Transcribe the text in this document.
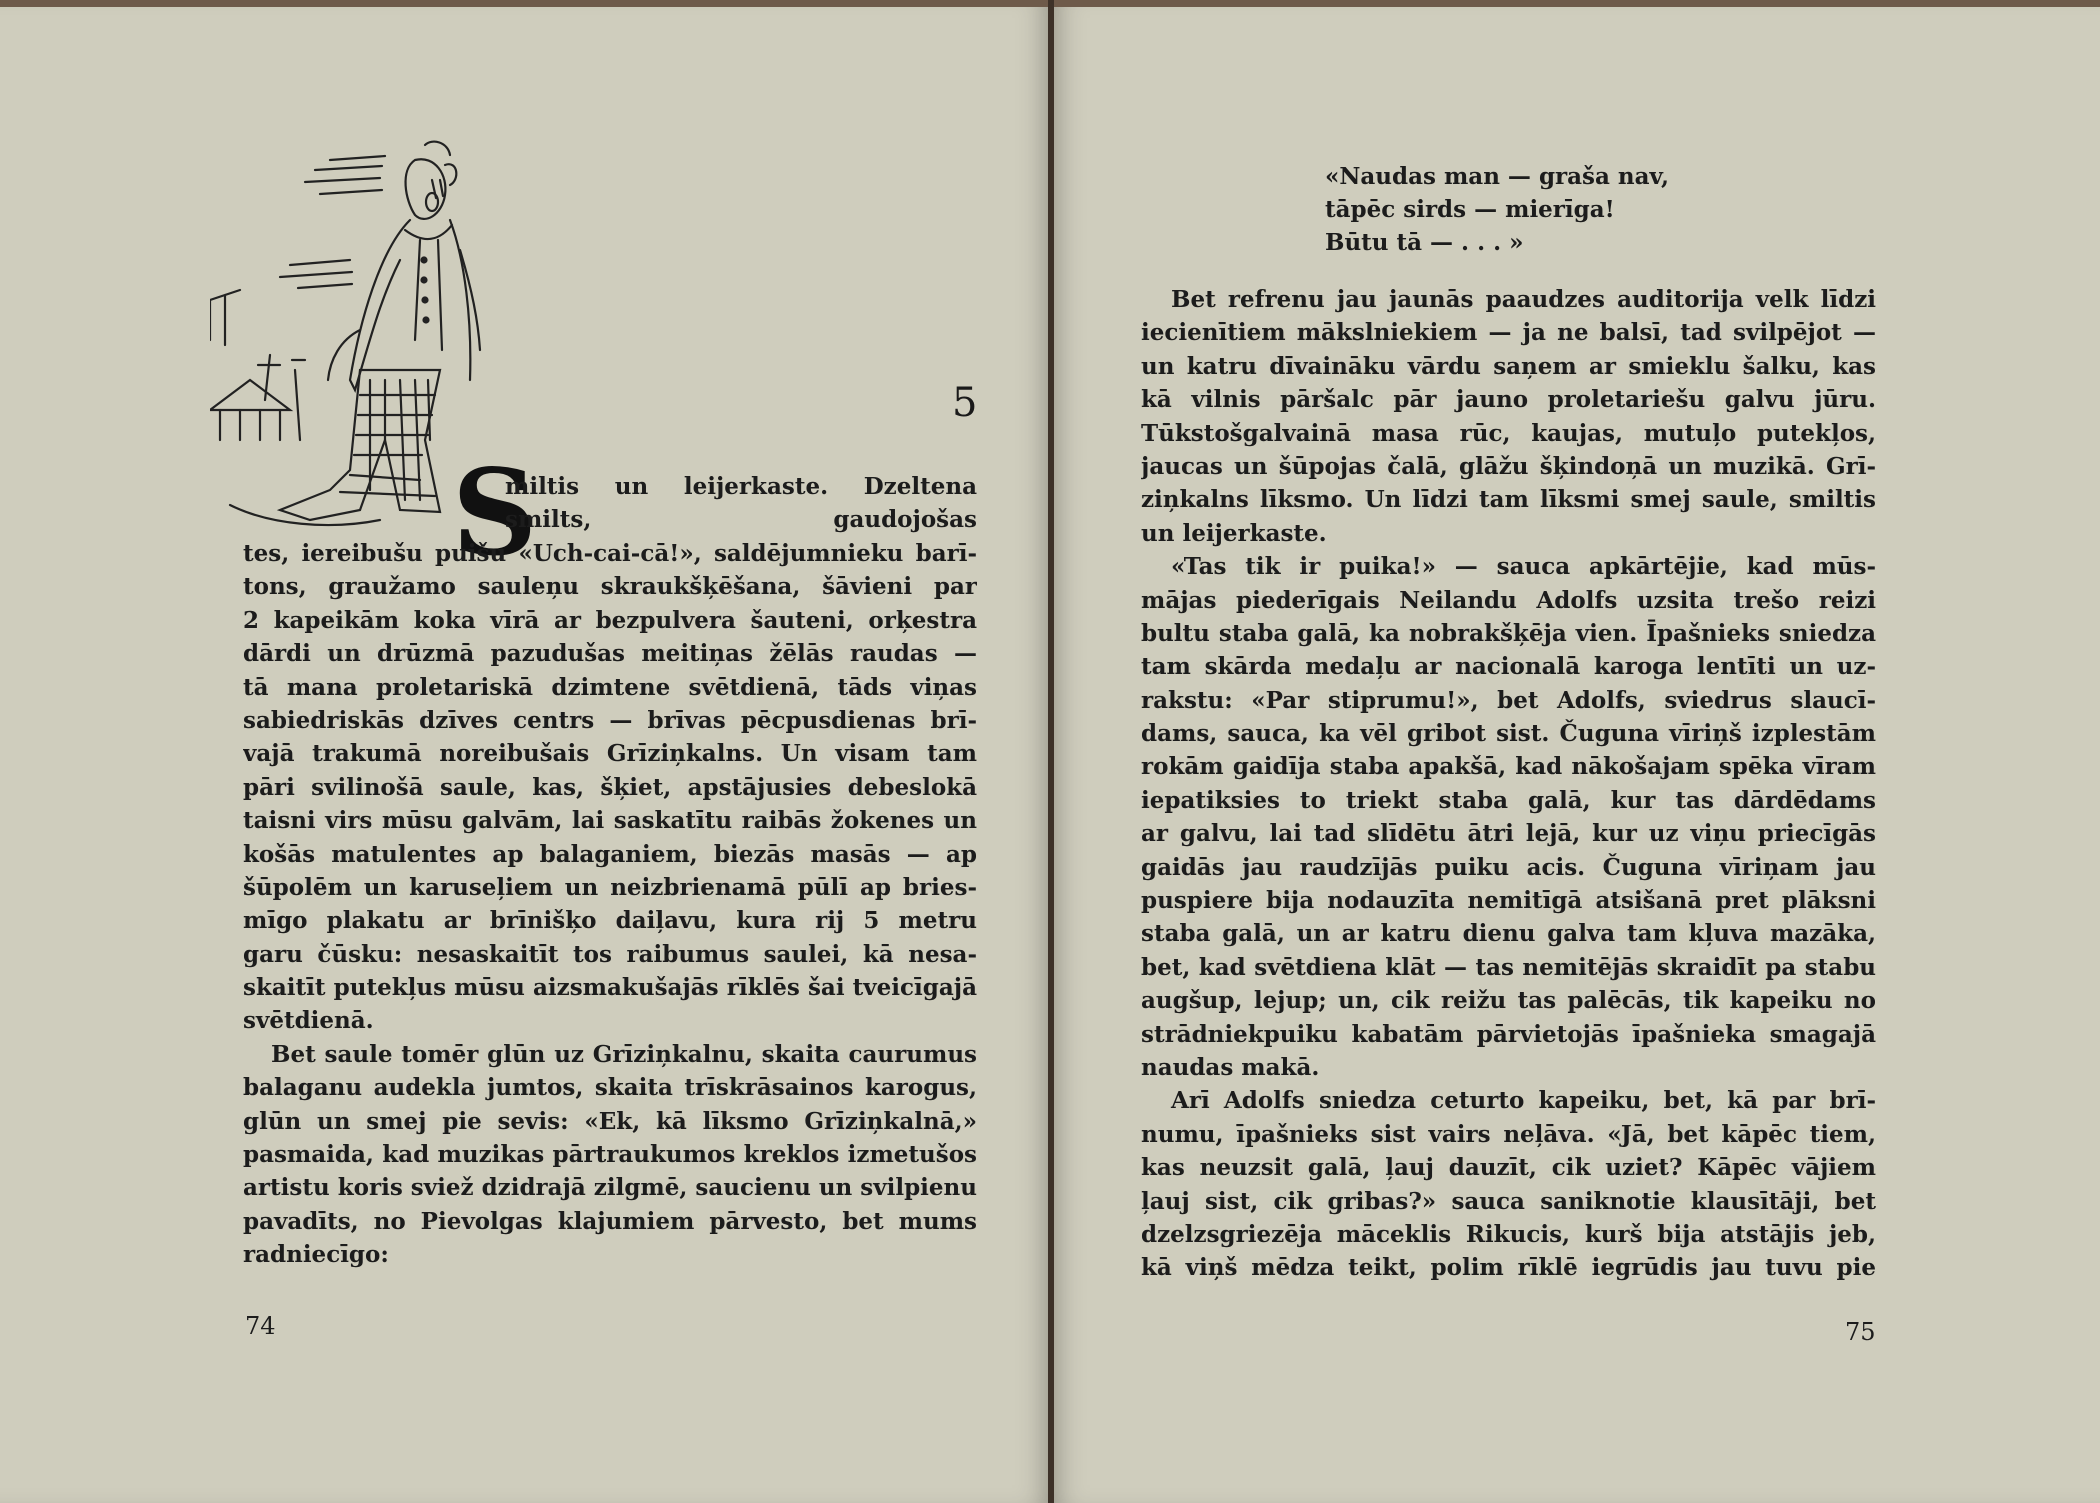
5
S
miltis un leijerkaste. Dzeltena
smilts, gaudojošas
tes, iereibušu puišu «Uch-cai-cā!», saldējumnieku barī-
tons, graužamo sauleņu skraukšķēšana, šāvieni par
2 kapeikām koka vīrā ar bezpulvera šauteni, orķestra
dārdi un drūzmā pazudušas meitiņas žēlās raudas —
tā mana proletariskā dzimtene svētdienā, tāds viņas
sabiedriskās dzīves centrs — brīvas pēcpusdienas brī-
vajā trakumā noreibušais Grīziņkalns. Un visam tam
pāri svilinošā saule, kas, šķiet, apstājusies debeslokā
taisni virs mūsu galvām, lai saskatītu raibās žokenes un
košās matulentes ap balaganiem, biezās masās — ap
šūpolēm un karuseļiem un neizbrienamā pūlī ap bries-
mīgo plakatu ar brīnišķo daiļavu, kura rij 5 metru
garu čūsku: nesaskaitīt tos raibumus saulei, kā nesa-
skaitīt putekļus mūsu aizsmakušajās rīklēs šai tveicīgajā
svētdienā.
Bet saule tomēr glūn uz Grīziņkalnu, skaita caurumus
balaganu audekla jumtos, skaita trīskrāsainos karogus,
glūn un smej pie sevis: «Ek, kā līksmo Grīziņkalnā,»
pasmaida, kad muzikas pārtraukumos kreklos izmetušos
artistu koris sviež dzidrajā zilgmē, saucienu un svilpienu
pavadīts, no Pievolgas klajumiem pārvesto, bet mums
radniecīgo:
74
«Naudas man — graša nav,
tāpēc sirds — mierīga!
Būtu tā — . . . »
Bet refrenu jau jaunās paaudzes auditorija velk līdzi
iecienītiem mākslniekiem — ja ne balsī, tad svilpējot —
un katru dīvaināku vārdu saņem ar smieklu šalku, kas
kā vilnis pāršalc pār jauno proletariešu galvu jūru.
Tūkstošgalvainā masa rūc, kaujas, mutuļo putekļos,
jaucas un šūpojas čalā, glāžu šķindoņā un muzikā. Grī-
ziņkalns līksmo. Un līdzi tam līksmi smej saule, smiltis
un leijerkaste.
«Tas tik ir puika!» — sauca apkārtējie, kad mūs-
mājas piederīgais Neilandu Adolfs uzsita trešo reizi
bultu staba galā, ka nobrakšķēja vien. Īpašnieks sniedza
tam skārda medaļu ar nacionalā karoga lentīti un uz-
rakstu: «Par stiprumu!», bet Adolfs, sviedrus slaucī-
dams, sauca, ka vēl gribot sist. Čuguna vīriņš izplestām
rokām gaidīja staba apakšā, kad nākošajam spēka vīram
iepatiksies to triekt staba galā, kur tas dārdēdams
ar galvu, lai tad slīdētu ātri lejā, kur uz viņu priecīgās
gaidās jau raudzījās puiku acis. Čuguna vīriņam jau
puspiere bija nodauzīta nemitīgā atsišanā pret plāksni
staba galā, un ar katru dienu galva tam kļuva mazāka,
bet, kad svētdiena klāt — tas nemitējās skraidīt pa stabu
augšup, lejup; un, cik reižu tas palēcās, tik kapeiku no
strādniekpuiku kabatām pārvietojās īpašnieka smagajā
naudas makā.
Arī Adolfs sniedza ceturto kapeiku, bet, kā par brī-
numu, īpašnieks sist vairs neļāva. «Jā, bet kāpēc tiem,
kas neuzsit galā, ļauj dauzīt, cik uziet? Kāpēc vājiem
ļauj sist, cik gribas?» sauca saniknotie klausītāji, bet
dzelzsgriezēja māceklis Rikucis, kurš bija atstājis jeb,
kā viņš mēdza teikt, polim rīklē iegrūdis jau tuvu pie
75
